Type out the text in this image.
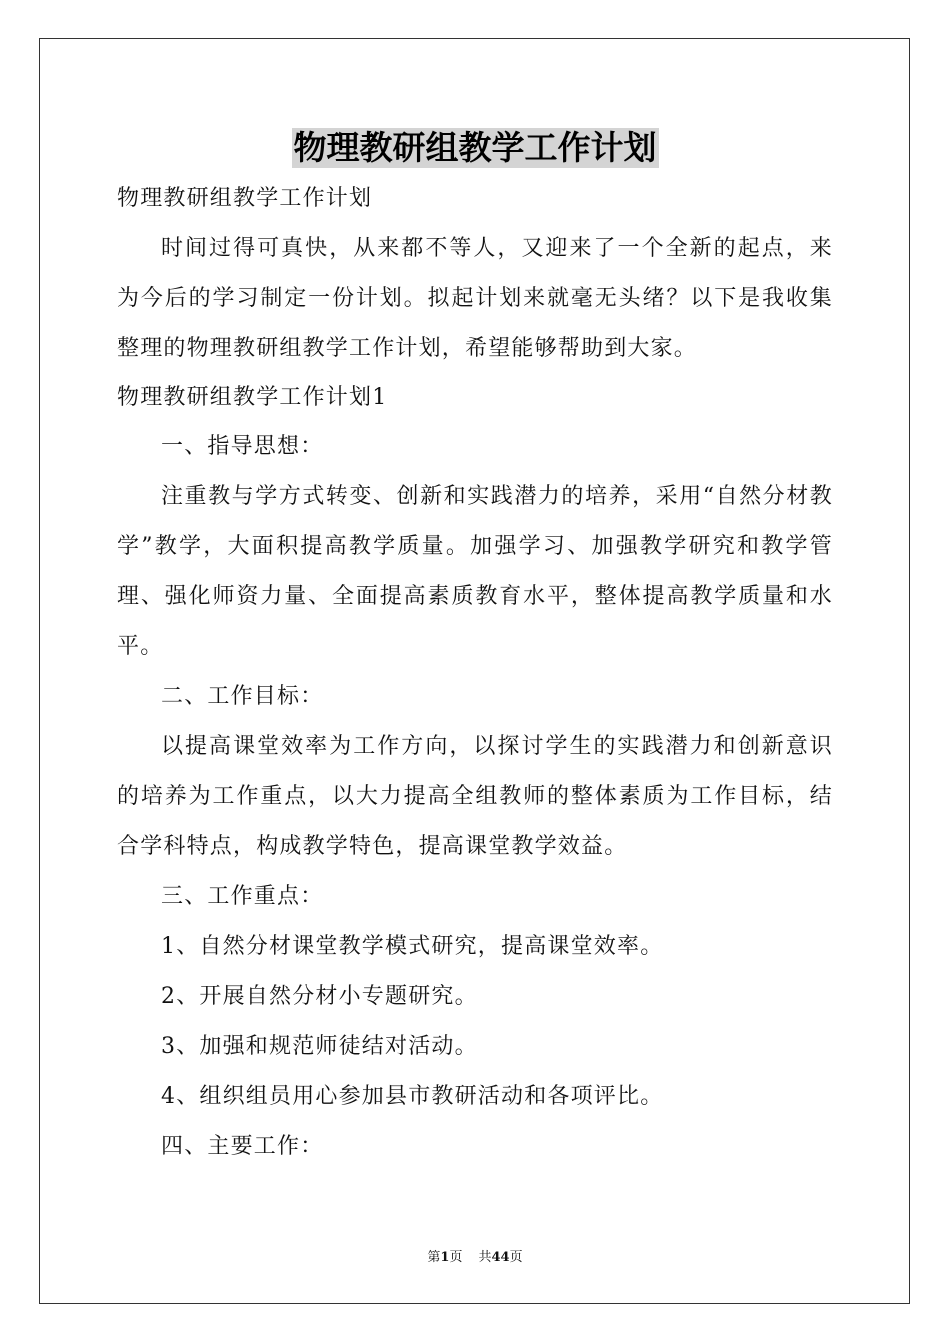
物理教研组教学工作计划

物理教研组教学工作计划

时间过得可真快，从来都不等人，又迎来了一个全新的起点，来为今后的学习制定一份计划。拟起计划来就毫无头绪？以下是我收集整理的物理教研组教学工作计划，希望能够帮助到大家。

物理教研组教学工作计划1

一、指导思想：

注重教与学方式转变、创新和实践潜力的培养，采用“自然分材教学”教学，大面积提高教学质量。加强学习、加强教学研究和教学管理、强化师资力量、全面提高素质教育水平，整体提高教学质量和水平。

二、工作目标：

以提高课堂效率为工作方向，以探讨学生的实践潜力和创新意识的培养为工作重点，以大力提高全组教师的整体素质为工作目标，结合学科特点，构成教学特色，提高课堂教学效益。

三、工作重点：

1、自然分材课堂教学模式研究，提高课堂效率。

2、开展自然分材小专题研究。

3、加强和规范师徒结对活动。

4、组织组员用心参加县市教研活动和各项评比。

四、主要工作：

第1页 共44页
